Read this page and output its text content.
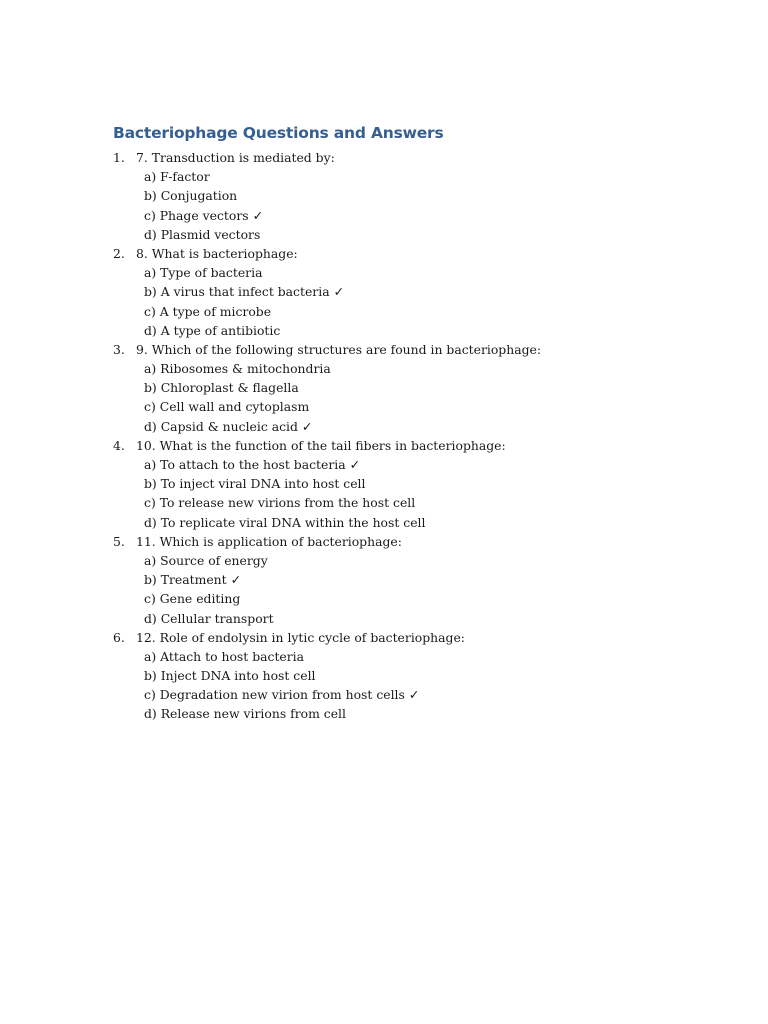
Bacteriophage Questions and Answers
1. 7. Transduction is mediated by:
a) F-factor
b) Conjugation
c) Phage vectors ✓
d) Plasmid vectors
2. 8. What is bacteriophage:
a) Type of bacteria
b) A virus that infect bacteria ✓
c) A type of microbe
d) A type of antibiotic
3. 9. Which of the following structures are found in bacteriophage:
a) Ribosomes & mitochondria
b) Chloroplast & flagella
c) Cell wall and cytoplasm
d) Capsid & nucleic acid ✓
4. 10. What is the function of the tail fibers in bacteriophage:
a) To attach to the host bacteria ✓
b) To inject viral DNA into host cell
c) To release new virions from the host cell
d) To replicate viral DNA within the host cell
5. 11. Which is application of bacteriophage:
a) Source of energy
b) Treatment ✓
c) Gene editing
d) Cellular transport
6. 12. Role of endolysin in lytic cycle of bacteriophage:
a) Attach to host bacteria
b) Inject DNA into host cell
c) Degradation new virion from host cells ✓
d) Release new virions from cell
